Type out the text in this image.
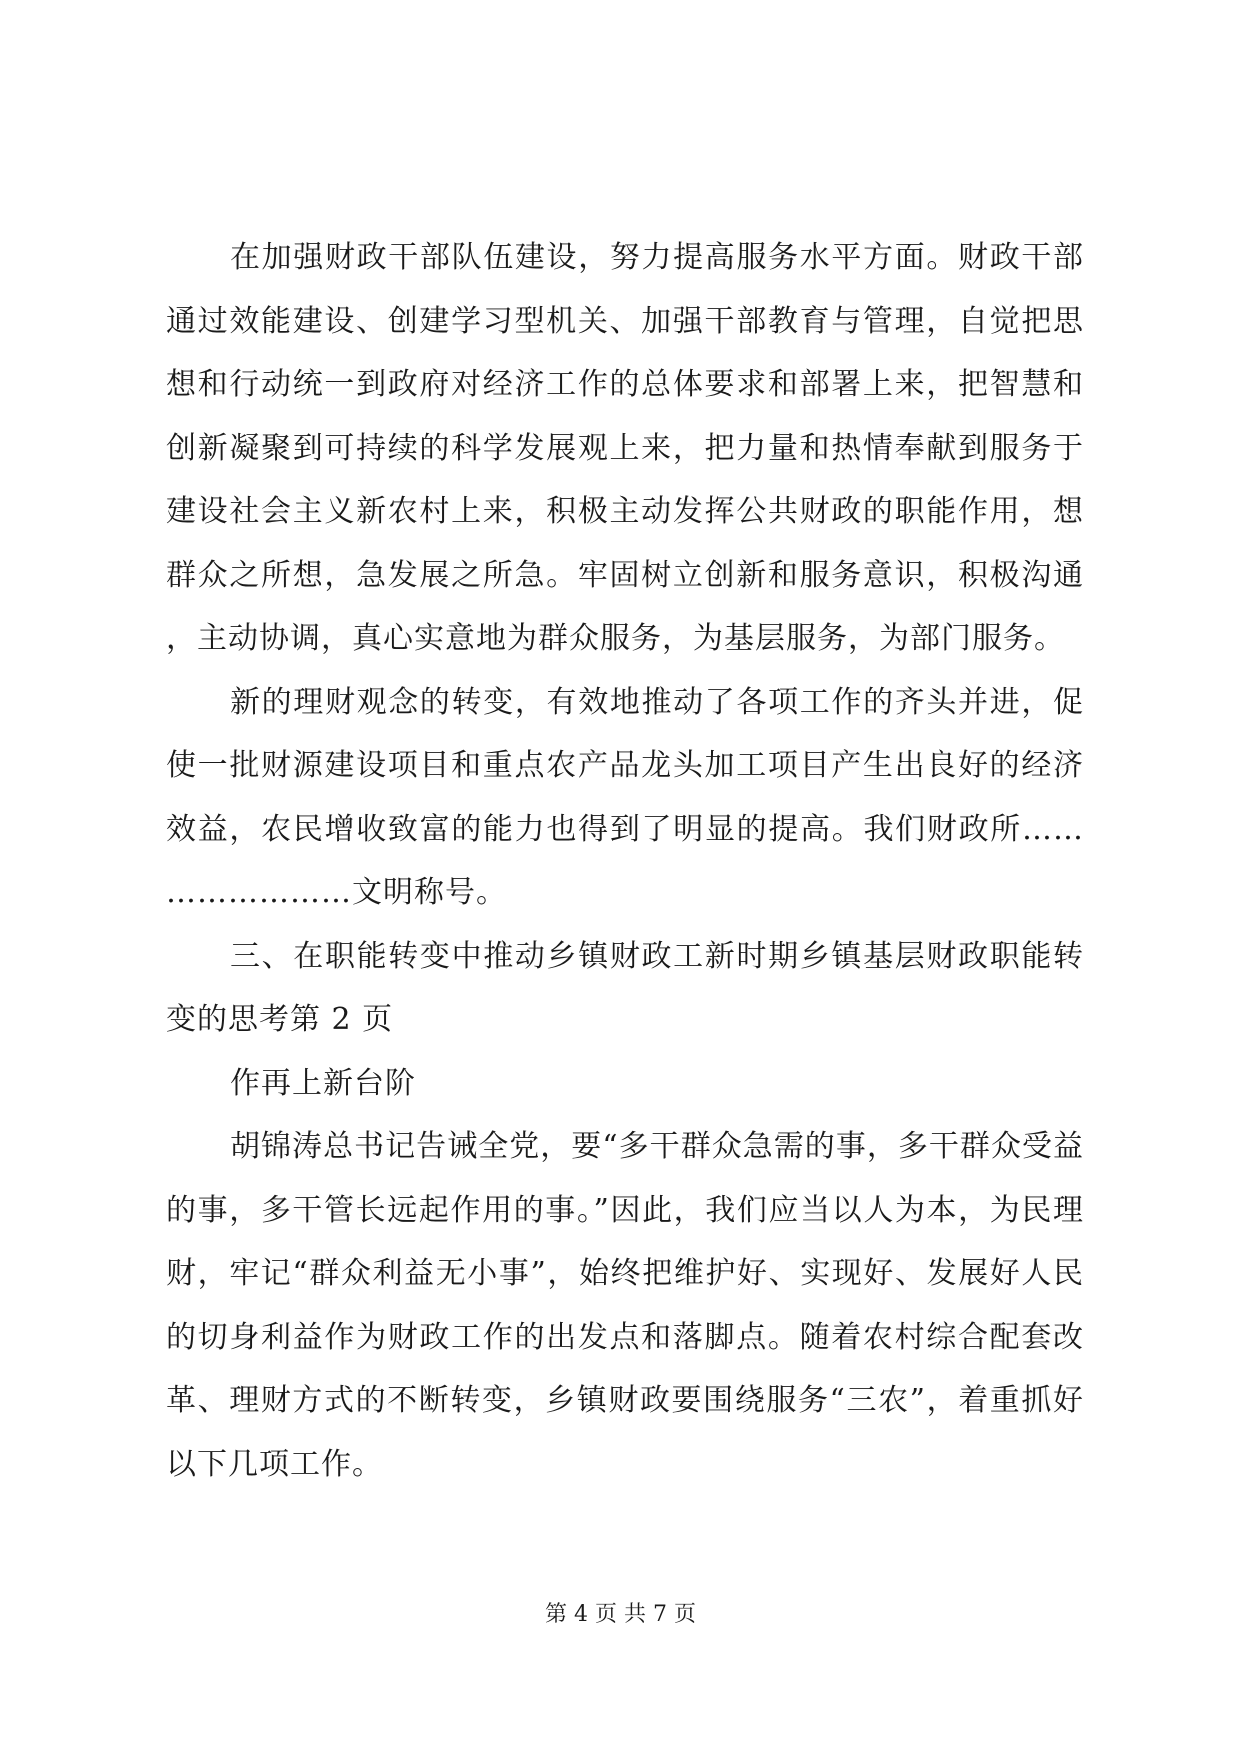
在加强财政干部队伍建设，努力提高服务水平方面。财政干部通过效能建设、创建学习型机关、加强干部教育与管理，自觉把思想和行动统一到政府对经济工作的总体要求和部署上来，把智慧和创新凝聚到可持续的科学发展观上来，把力量和热情奉献到服务于建设社会主义新农村上来，积极主动发挥公共财政的职能作用，想群众之所想，急发展之所急。牢固树立创新和服务意识，积极沟通，主动协调，真心实意地为群众服务，为基层服务，为部门服务。

新的理财观念的转变，有效地推动了各项工作的齐头并进，促使一批财源建设项目和重点农产品龙头加工项目产生出良好的经济效益，农民增收致富的能力也得到了明显的提高。我们财政所……………………文明称号。

三、在职能转变中推动乡镇财政工新时期乡镇基层财政职能转变的思考第 2 页

作再上新台阶

胡锦涛总书记告诫全党，要“多干群众急需的事，多干群众受益的事，多干管长远起作用的事。”因此，我们应当以人为本，为民理财，牢记“群众利益无小事”，始终把维护好、实现好、发展好人民的切身利益作为财政工作的出发点和落脚点。随着农村综合配套改革、理财方式的不断转变，乡镇财政要围绕服务“三农”，着重抓好以下几项工作。

第 4 页 共 7 页
